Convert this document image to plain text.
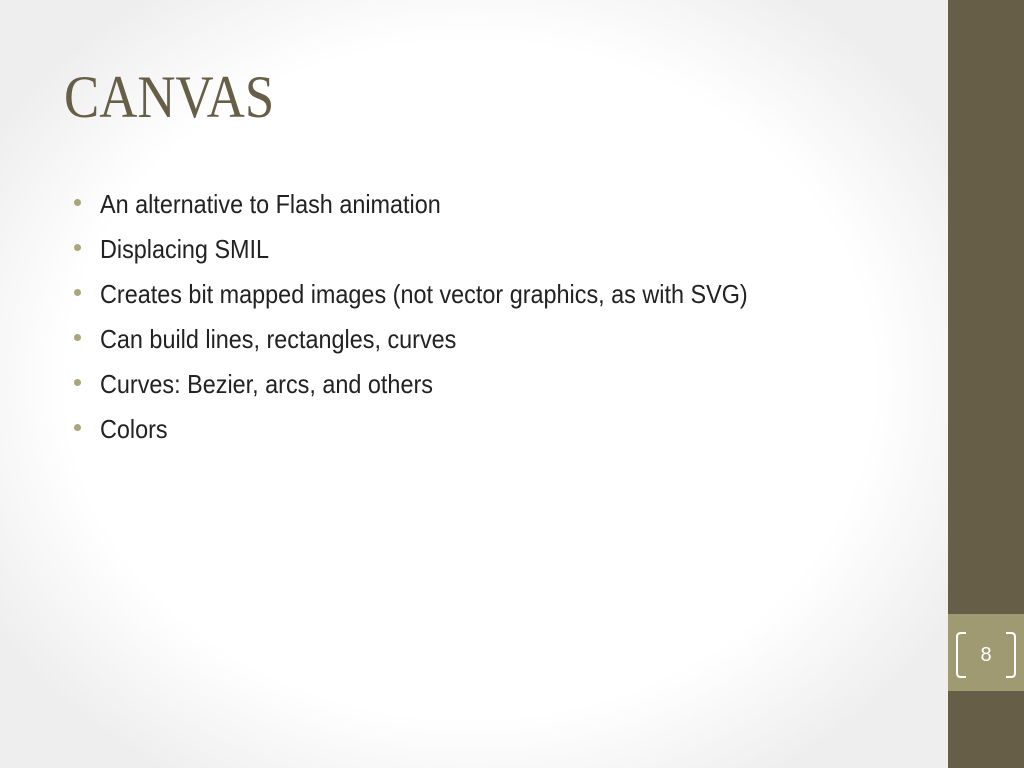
CANVAS
An alternative to Flash animation
Displacing SMIL
Creates bit mapped images (not vector graphics, as with SVG)
Can build lines, rectangles, curves
Curves: Bezier, arcs, and others
Colors
8
